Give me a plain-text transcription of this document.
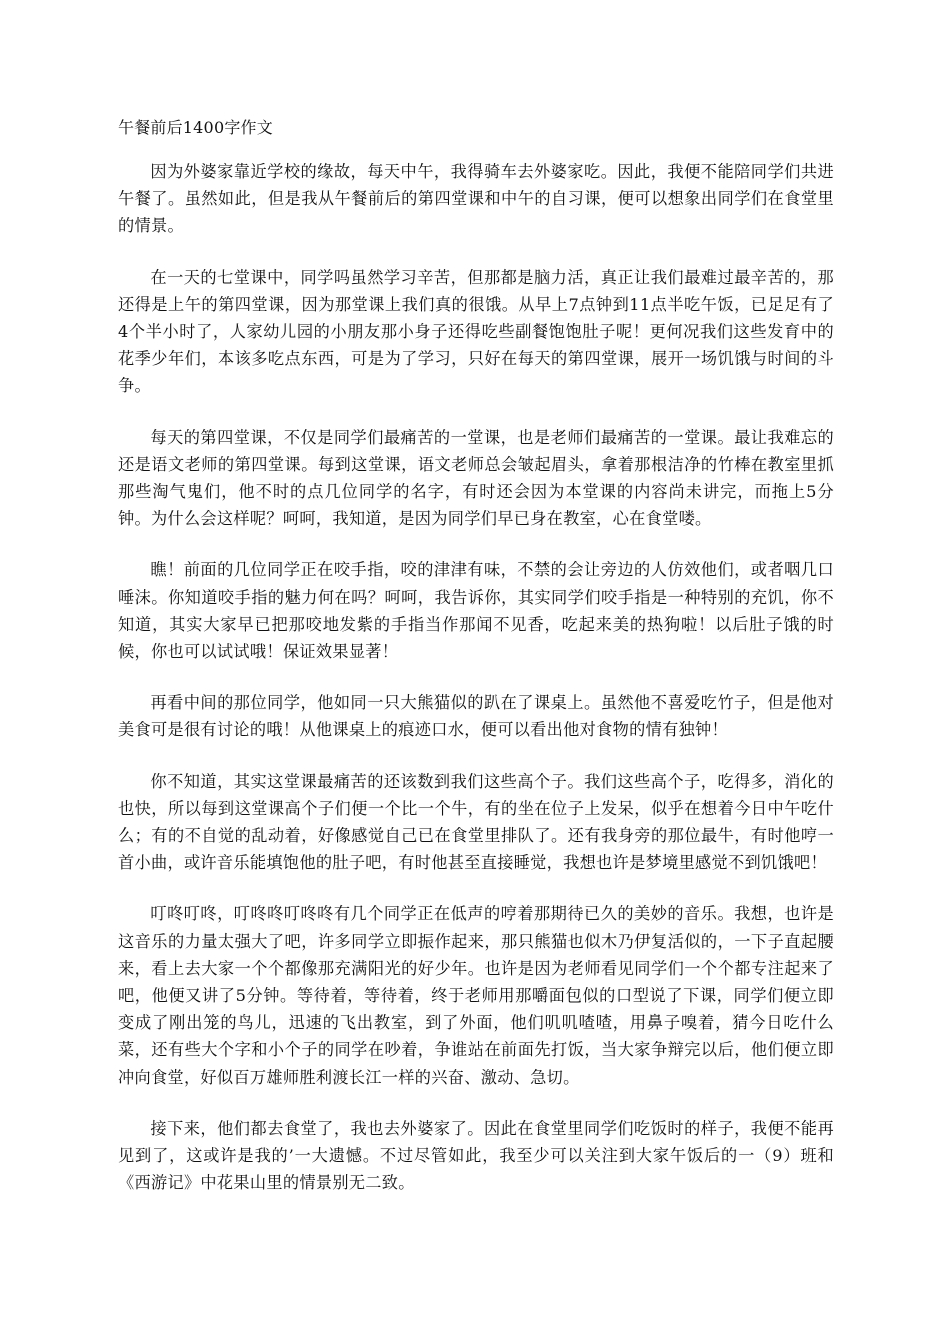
午餐前后1400字作文

因为外婆家靠近学校的缘故，每天中午，我得骑车去外婆家吃。因此，我便不能陪同学们共进午餐了。虽然如此，但是我从午餐前后的第四堂课和中午的自习课，便可以想象出同学们在食堂里的情景。

在一天的七堂课中，同学吗虽然学习辛苦，但那都是脑力活，真正让我们最难过最辛苦的，那还得是上午的第四堂课，因为那堂课上我们真的很饿。从早上7点钟到11点半吃午饭，已足足有了4个半小时了，人家幼儿园的小朋友那小身子还得吃些副餐饱饱肚子呢！更何况我们这些发育中的花季少年们，本该多吃点东西，可是为了学习，只好在每天的第四堂课，展开一场饥饿与时间的斗争。

每天的第四堂课，不仅是同学们最痛苦的一堂课，也是老师们最痛苦的一堂课。最让我难忘的还是语文老师的第四堂课。每到这堂课，语文老师总会皱起眉头，拿着那根洁净的竹棒在教室里抓那些淘气鬼们，他不时的点几位同学的名字，有时还会因为本堂课的内容尚未讲完，而拖上5分钟。为什么会这样呢？呵呵，我知道，是因为同学们早已身在教室，心在食堂喽。

瞧！前面的几位同学正在咬手指，咬的津津有味，不禁的会让旁边的人仿效他们，或者咽几口唾沫。你知道咬手指的魅力何在吗？呵呵，我告诉你，其实同学们咬手指是一种特别的充饥，你不知道，其实大家早已把那咬地发紫的手指当作那闻不见香，吃起来美的热狗啦！以后肚子饿的时候，你也可以试试哦！保证效果显著！

再看中间的那位同学，他如同一只大熊猫似的趴在了课桌上。虽然他不喜爱吃竹子，但是他对美食可是很有讨论的哦！从他课桌上的痕迹口水，便可以看出他对食物的情有独钟！

你不知道，其实这堂课最痛苦的还该数到我们这些高个子。我们这些高个子，吃得多，消化的也快，所以每到这堂课高个子们便一个比一个牛，有的坐在位子上发呆，似乎在想着今日中午吃什么；有的不自觉的乱动着，好像感觉自己已在食堂里排队了。还有我身旁的那位最牛，有时他哼一首小曲，或许音乐能填饱他的肚子吧，有时他甚至直接睡觉，我想也许是梦境里感觉不到饥饿吧！

叮咚叮咚，叮咚咚叮咚咚有几个同学正在低声的哼着那期待已久的美妙的音乐。我想，也许是这音乐的力量太强大了吧，许多同学立即振作起来，那只熊猫也似木乃伊复活似的，一下子直起腰来，看上去大家一个个都像那充满阳光的好少年。也许是因为老师看见同学们一个个都专注起来了吧，他便又讲了5分钟。等待着，等待着，终于老师用那嚼面包似的口型说了下课，同学们便立即变成了刚出笼的鸟儿，迅速的飞出教室，到了外面，他们叽叽喳喳，用鼻子嗅着，猜今日吃什么菜，还有些大个字和小个子的同学在吵着，争谁站在前面先打饭，当大家争辩完以后，他们便立即冲向食堂，好似百万雄师胜利渡长江一样的兴奋、激动、急切。

接下来，他们都去食堂了，我也去外婆家了。因此在食堂里同学们吃饭时的样子，我便不能再见到了，这或许是我的’一大遗憾。不过尽管如此，我至少可以关注到大家午饭后的一（9）班和《西游记》中花果山里的情景别无二致。
